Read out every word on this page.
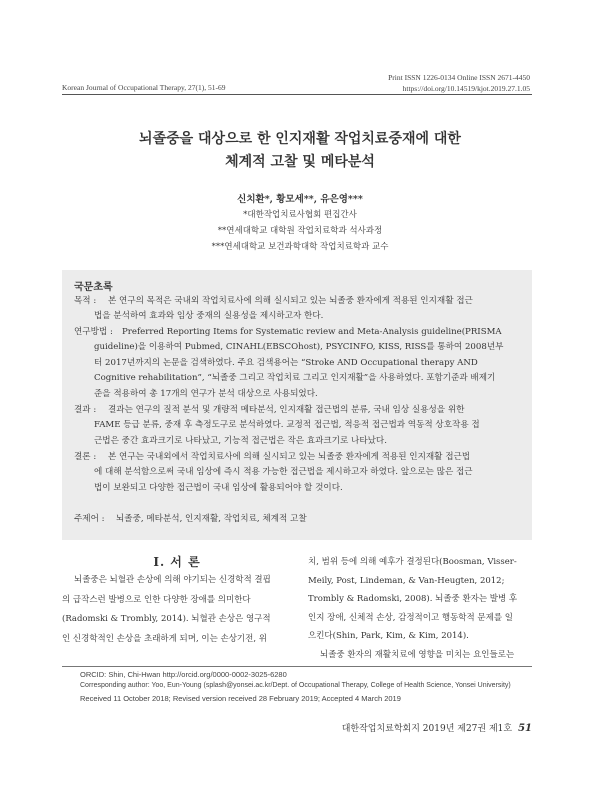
Korean Journal of Occupational Therapy, 27(1), 51-69
Print ISSN 1226-0134 Online ISSN 2671-4450
https://doi.org/10.14519/kjot.2019.27.1.05
뇌졸중을 대상으로 한 인지재활 작업치료중재에 대한
체계적 고찰 및 메타분석
신치환*, 황모세**, 유은영***
*대한작업치료사협회 편집간사
**연세대학교 대학원 작업치료학과 석사과정
***연세대학교 보건과학대학 작업치료학과 교수
국문초록
목적 : 본 연구의 목적은 국내외 작업치료사에 의해 실시되고 있는 뇌졸중 환자에게 적용된 인지재활 접근
법을 분석하여 효과와 임상 중재의 실용성을 제시하고자 한다.
연구방법 : Preferred Reporting Items for Systematic review and Meta-Analysis guideline(PRISMA
guideline)을 이용하여 Pubmed, CINAHL(EBSCOhost), PSYCINFO, KISS, RISS를 통하여 2008년부
터 2017년까지의 논문을 검색하였다. 주요 검색용어는 “Stroke AND Occupational therapy AND
Cognitive rehabilitation”, “뇌졸중 그리고 작업치료 그리고 인지재활”을 사용하였다. 포함기준과 배제기
준을 적용하여 총 17개의 연구가 분석 대상으로 사용되었다.
결과 : 결과는 연구의 질적 분석 및 개량적 메타분석, 인지재활 접근법의 분류, 국내 임상 실용성을 위한
FAME 등급 분류, 중재 후 측정도구로 분석하였다. 교정적 접근법, 적응적 접근법과 역동적 상호작용 접
근법은 중간 효과크기로 나타났고, 기능적 접근법은 작은 효과크기로 나타났다.
결론 : 본 연구는 국내외에서 작업치료사에 의해 실시되고 있는 뇌졸중 환자에게 적용된 인지재활 접근법
에 대해 분석함으로써 국내 임상에 즉시 적용 가능한 접근법을 제시하고자 하였다. 앞으로는 많은 접근
법이 보완되고 다양한 접근법이 국내 임상에 활용되어야 할 것이다.
주제어 : 뇌졸중, 메타분석, 인지재활, 작업치료, 체계적 고찰
Ⅰ. 서 론
뇌졸중은 뇌혈관 손상에 의해 야기되는 신경학적 결핍
의 급작스런 발병으로 인한 다양한 장애를 의미한다
(Radomski & Trombly, 2014). 뇌혈관 손상은 영구적
인 신경학적인 손상을 초래하게 되며, 이는 손상기전, 위
치, 범위 등에 의해 예후가 결정된다(Boosman, Visser-
Meily, Post, Lindeman, & Van-Heugten, 2012;
Trombly & Radomski, 2008). 뇌졸중 환자는 발병 후
인지 장애, 신체적 손상, 감정적이고 행동학적 문제를 일
으킨다(Shin, Park, Kim, & Kim, 2014).
뇌졸중 환자의 재활치료에 영향을 미치는 요인들로는
ORCID: Shin, Chi-Hwan http://orcid.org/0000-0002-3025-6280
Corresponding author: Yoo, Eun-Young (splash@yonsei.ac.kr/Dept. of Occupational Therapy, College of Health Science, Yonsei University)
Received 11 October 2018; Revised version received 28 February 2019; Accepted 4 March 2019
대한작업치료학회지 2019년 제27권 제1호 51
